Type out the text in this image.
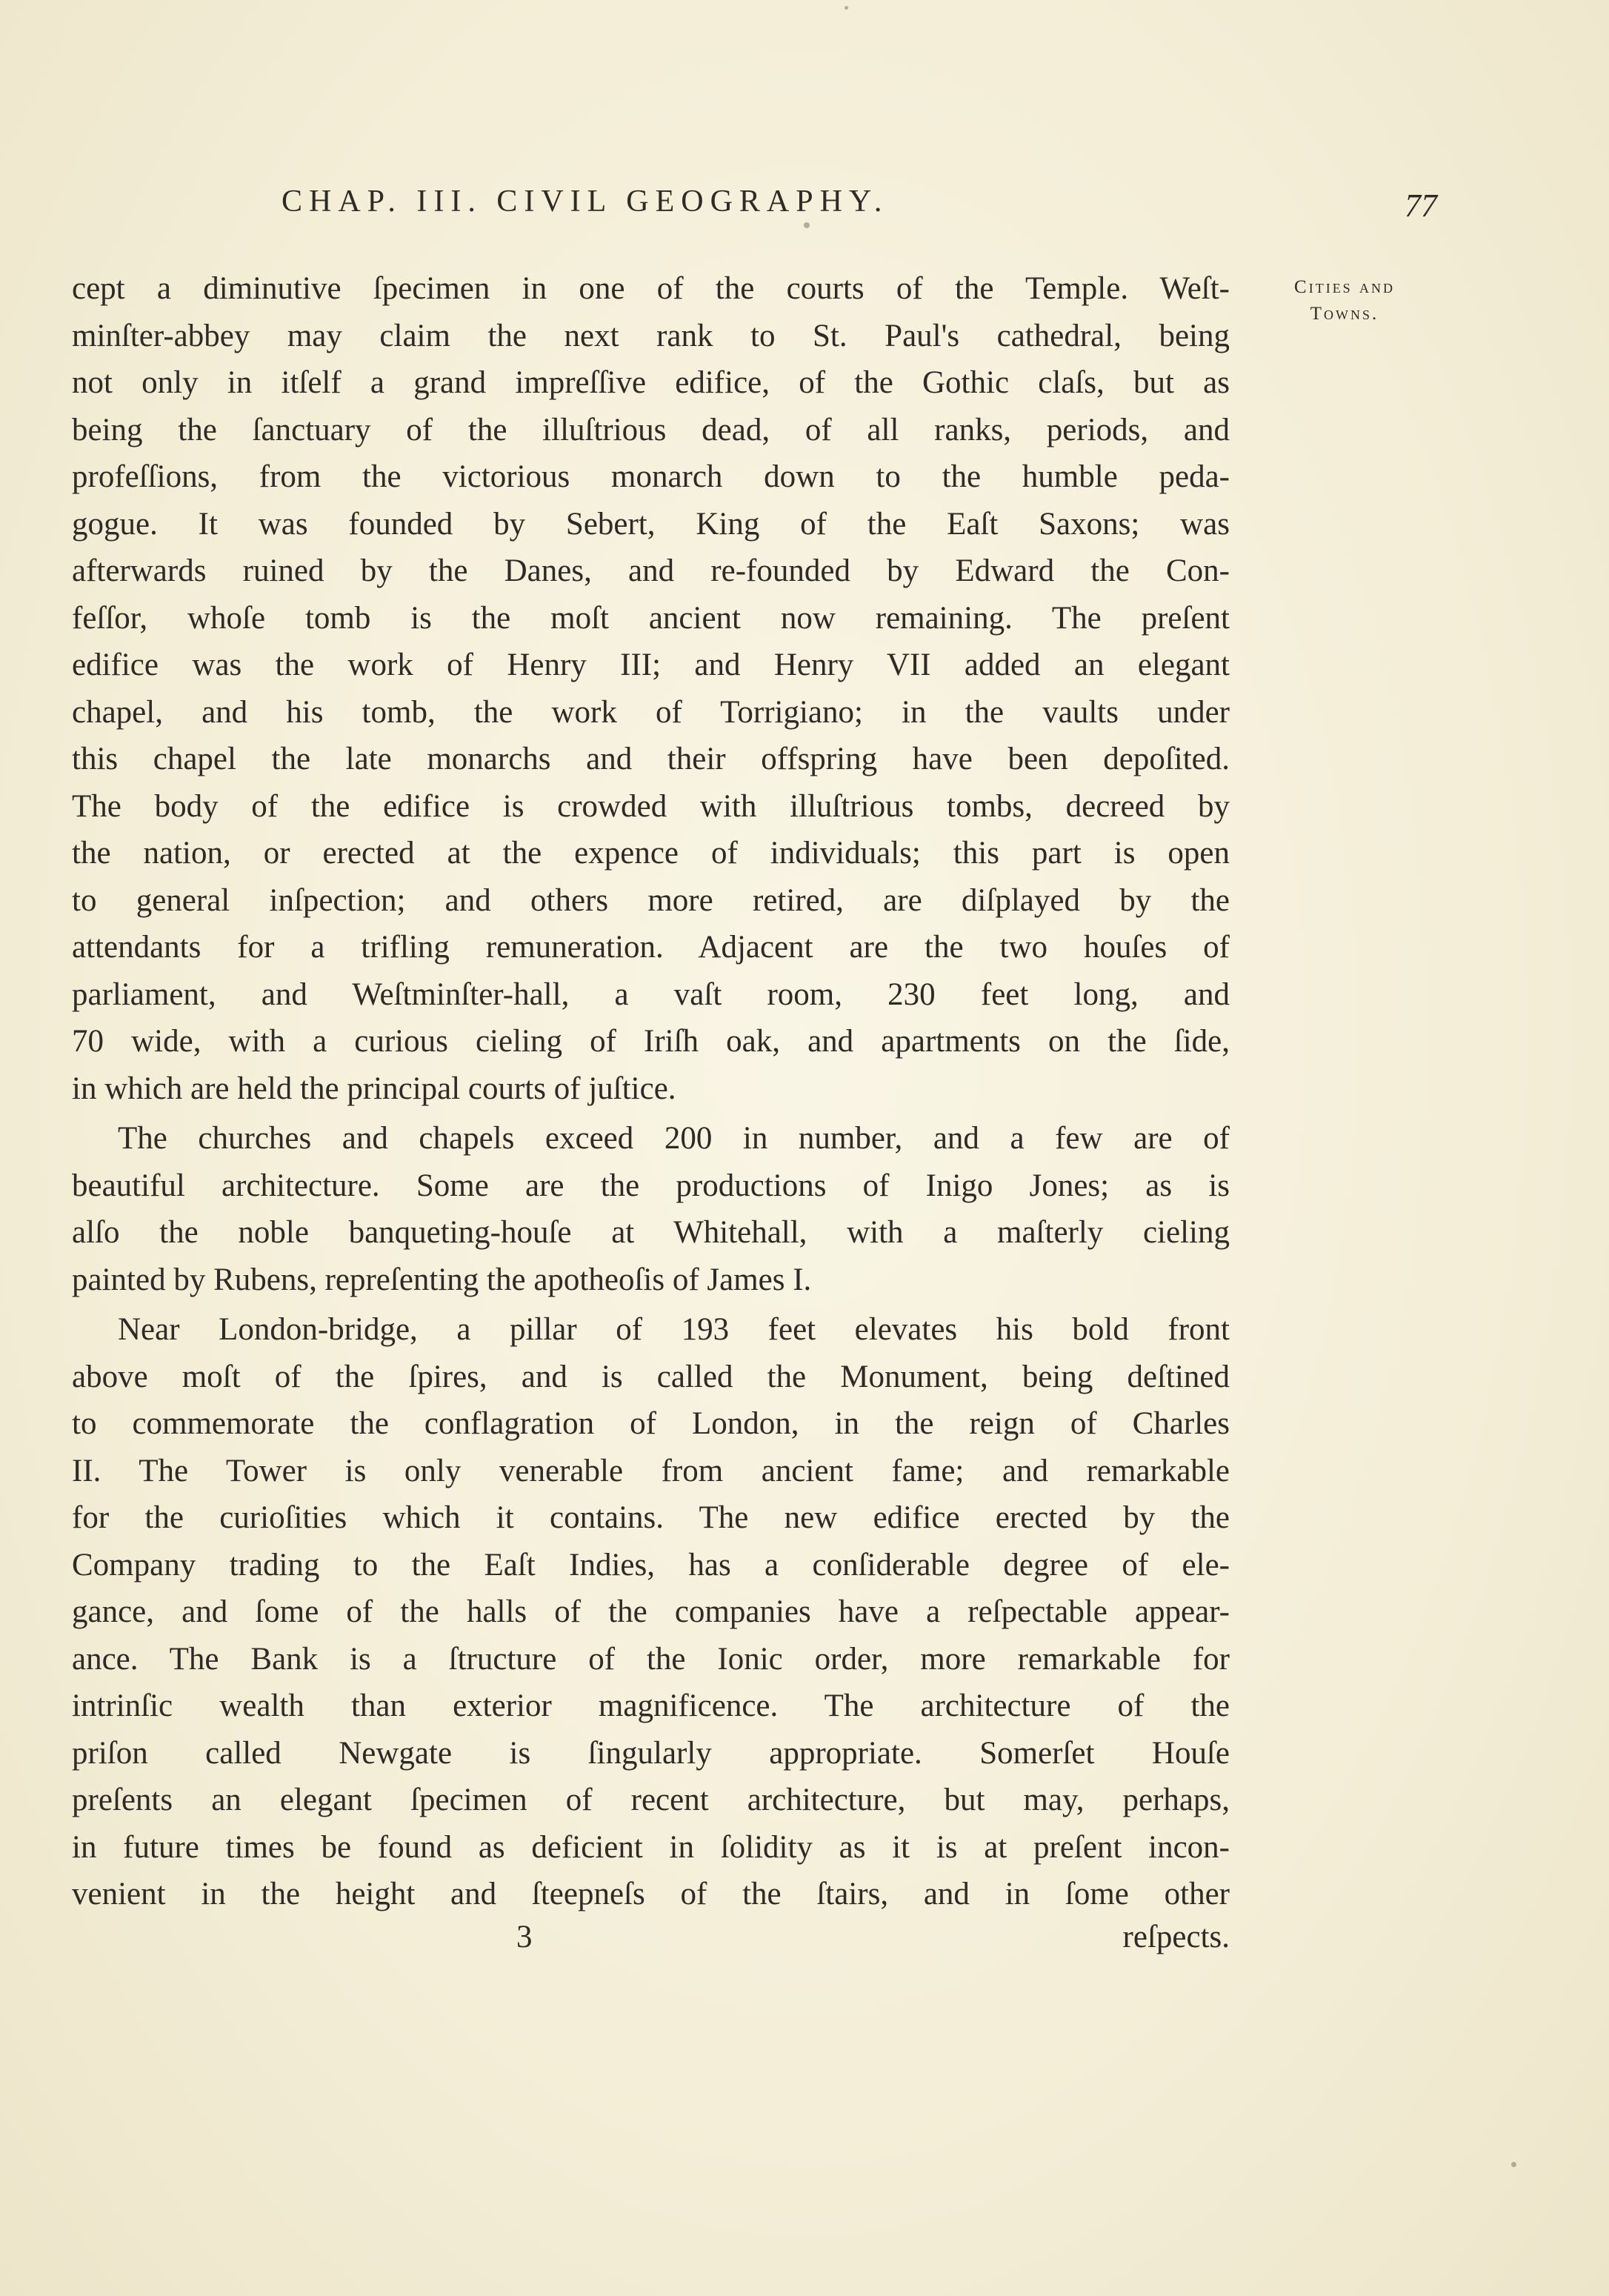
CHAP. III. CIVIL GEOGRAPHY.	77
Cities and
Towns.
cept a diminutive ſpecimen in one of the courts of the Temple. Weſt-
minſter-abbey may claim the next rank to St. Paul's cathedral, being
not only in itſelf a grand impreſſive edifice, of the Gothic claſs, but as
being the ſanctuary of the illuſtrious dead, of all ranks, periods, and
profeſſions, from the victorious monarch down to the humble peda-
gogue. It was founded by Sebert, King of the Eaſt Saxons; was
afterwards ruined by the Danes, and re-founded by Edward the Con-
feſſor, whoſe tomb is the moſt ancient now remaining. The preſent
edifice was the work of Henry III; and Henry VII added an elegant
chapel, and his tomb, the work of Torrigiano; in the vaults under
this chapel the late monarchs and their offspring have been depoſited.
The body of the edifice is crowded with illuſtrious tombs, decreed by
the nation, or erected at the expence of individuals; this part is open
to general inſpection; and others more retired, are diſplayed by the
attendants for a trifling remuneration. Adjacent are the two houſes of
parliament, and Weſtminſter-hall, a vaſt room, 230 feet long, and
70 wide, with a curious cieling of Iriſh oak, and apartments on the ſide,
in which are held the principal courts of juſtice.
The churches and chapels exceed 200 in number, and a few are of
beautiful architecture. Some are the productions of Inigo Jones; as is
alſo the noble banqueting-houſe at Whitehall, with a maſterly cieling
painted by Rubens, repreſenting the apotheoſis of James I.
Near London-bridge, a pillar of 193 feet elevates his bold front
above moſt of the ſpires, and is called the Monument, being deſtined
to commemorate the conflagration of London, in the reign of Charles
II. The Tower is only venerable from ancient fame; and remarkable
for the curioſities which it contains. The new edifice erected by the
Company trading to the Eaſt Indies, has a conſiderable degree of ele-
gance, and ſome of the halls of the companies have a reſpectable appear-
ance. The Bank is a ſtructure of the Ionic order, more remarkable for
intrinſic wealth than exterior magnificence. The architecture of the
priſon called Newgate is ſingularly appropriate. Somerſet Houſe
preſents an elegant ſpecimen of recent architecture, but may, perhaps,
in future times be found as deficient in ſolidity as it is at preſent incon-
venient in the height and ſteepneſs of the ſtairs, and in ſome other
3	reſpects.
